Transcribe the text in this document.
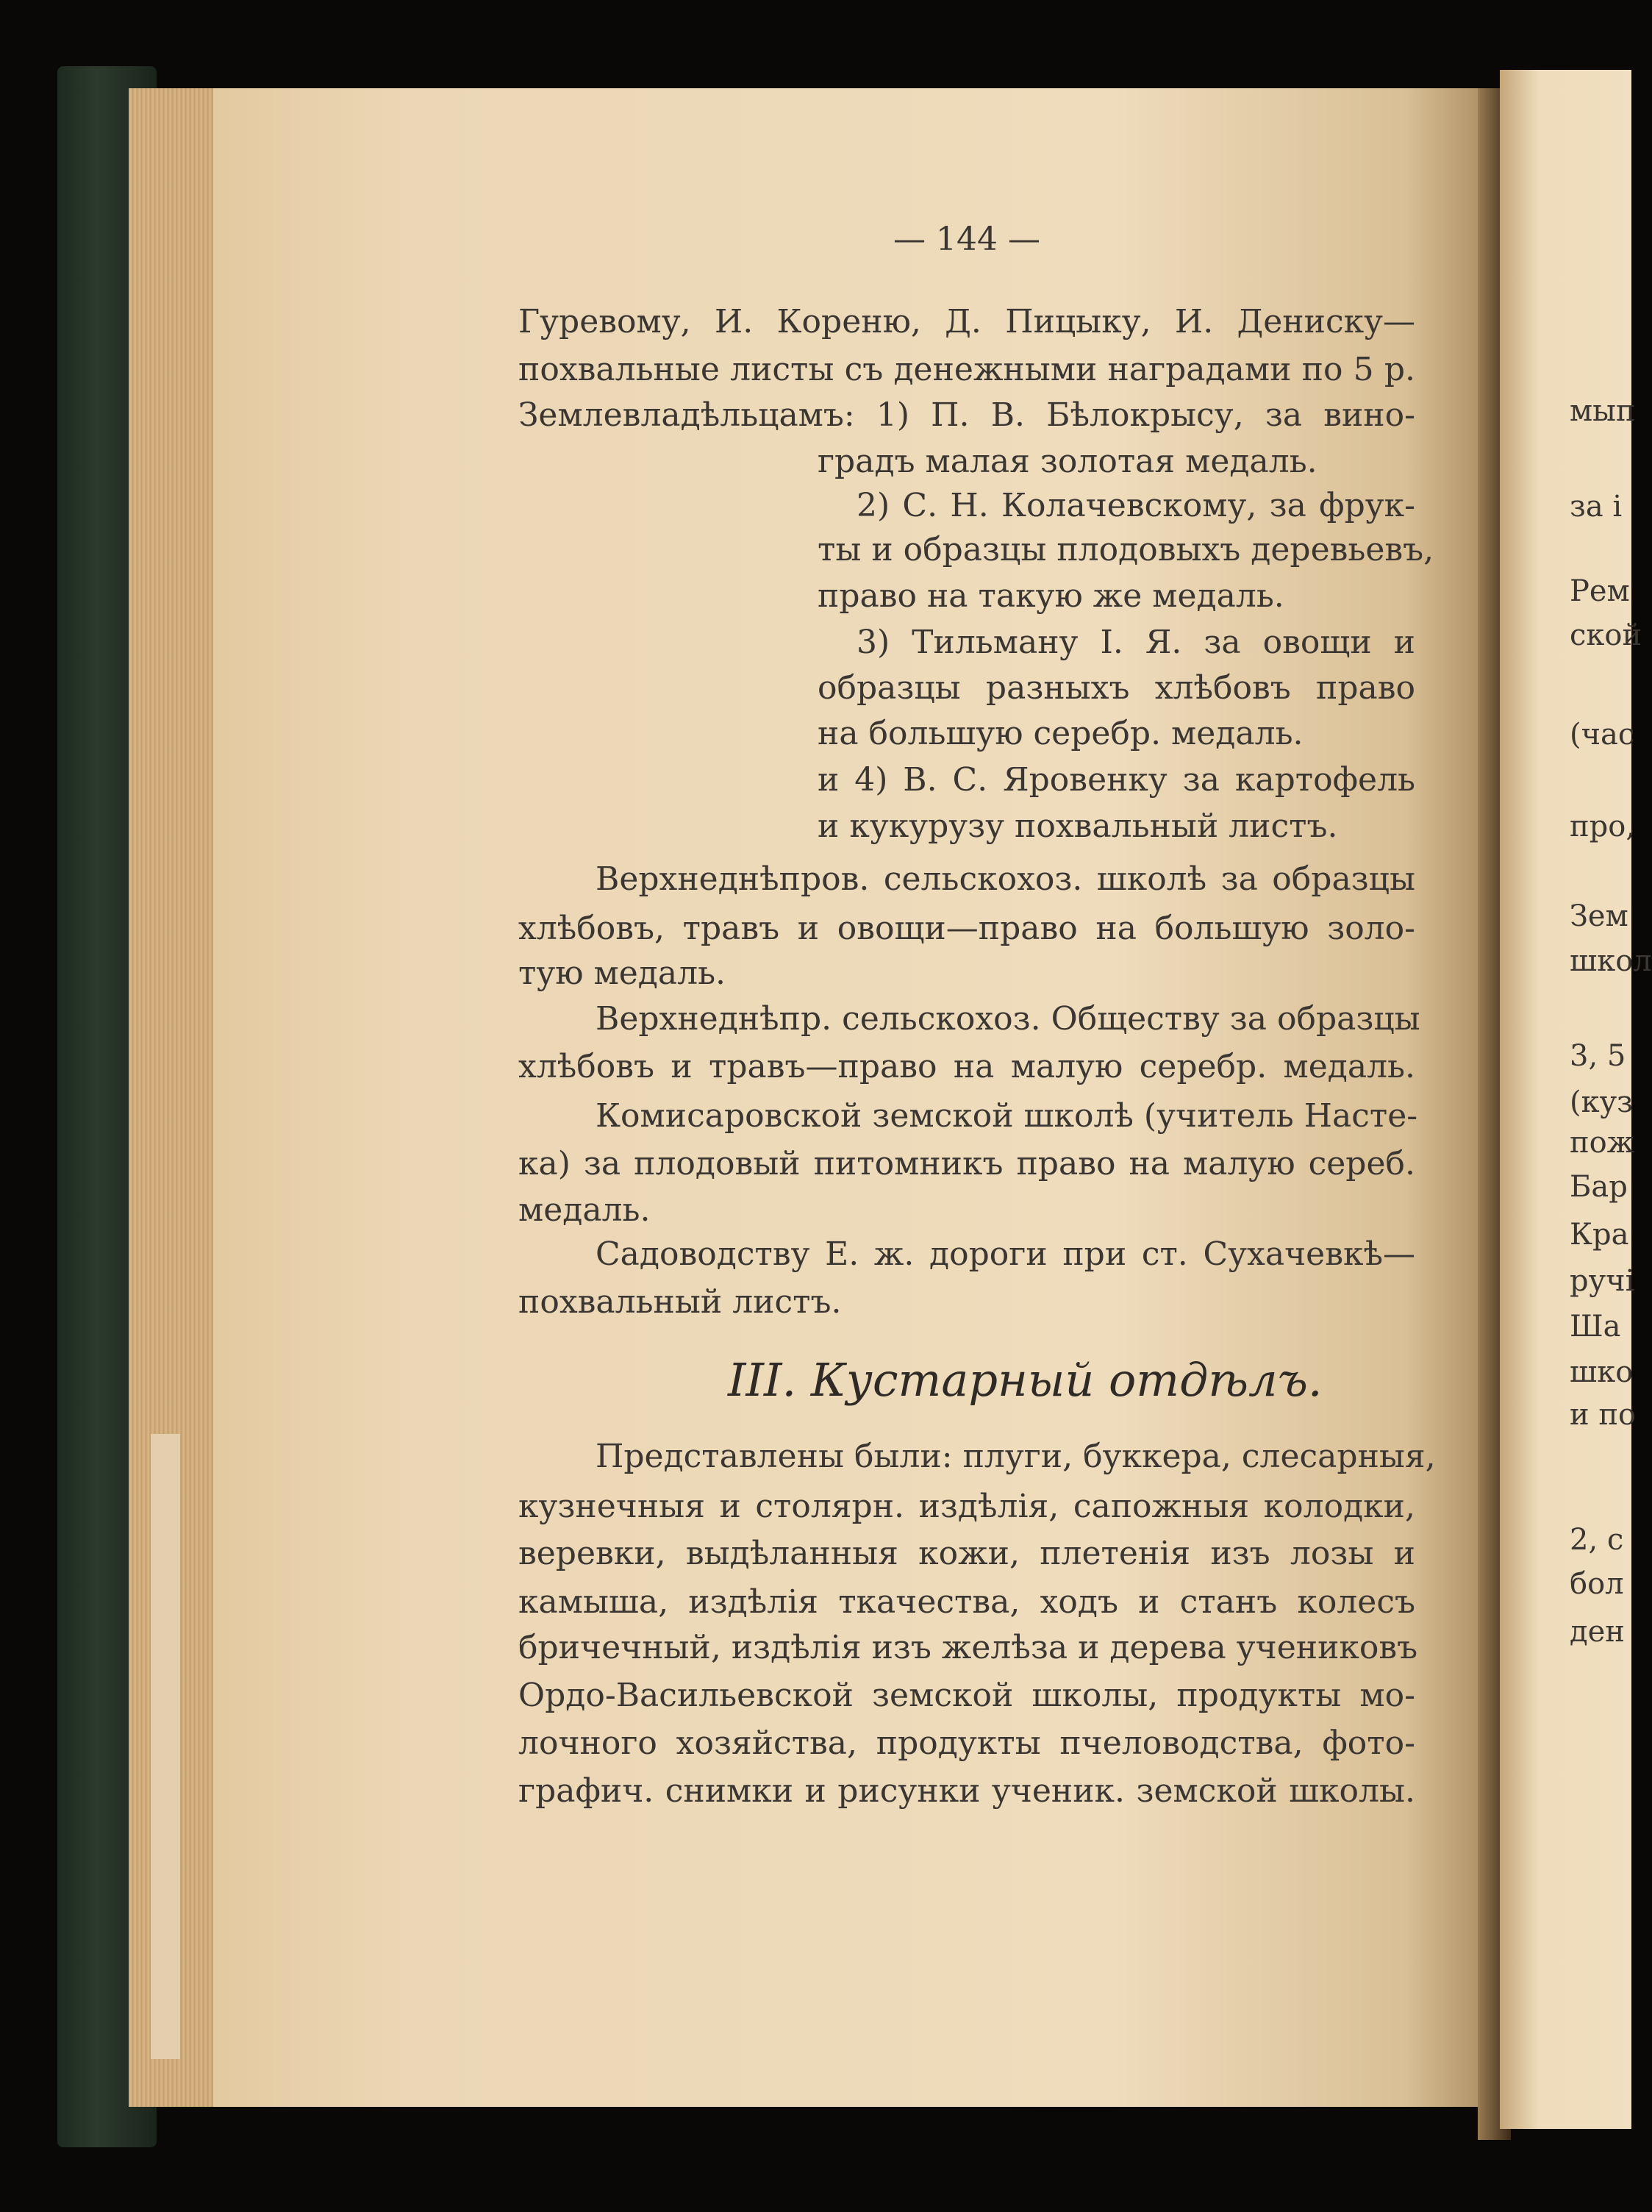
— 144 —
Гуревому, И. Кореню, Д. Пицыку, И. Дениску—
похвальные листы съ денежными наградами по 5 р.
Землевладѣльцамъ: 1) П. В. Бѣлокрысу, за вино-
градъ малая золотая медаль.
2) С. Н. Колачевскому, за фрук-
ты и образцы плодовыхъ деревьевъ,
право на такую же медаль.
3) Тильману I. Я. за овощи и
образцы разныхъ хлѣбовъ право
на большую серебр. медаль.
и 4) В. С. Яровенку за картофель
и кукурузу похвальный листъ.
Верхнеднѣпров. сельскохоз. школѣ за образцы
хлѣбовъ, травъ и овощи—право на большую золо-
тую медаль.
Верхнеднѣпр. сельскохоз. Обществу за образцы
хлѣбовъ и травъ—право на малую серебр. медаль.
Комисаровской земской школѣ (учитель Насте-
ка) за плодовый питомникъ право на малую сереб.
медаль.
Садоводству Е. ж. дороги при ст. Сухачевкѣ—
похвальный листъ.
III. Кустарный отдѣлъ.
Представлены были: плуги, буккера, слесарныя,
кузнечныя и столярн. издѣлія, сапожныя колодки,
веревки, выдѣланныя кожи, плетенія изъ лозы и
камыша, издѣлія ткачества, ходъ и станъ колесъ
бричечный, издѣлія изъ желѣза и дерева учениковъ
Ордо-Васильевской земской школы, продукты мо-
лочного хозяйства, продукты пчеловодства, фото-
графич. снимки и рисунки ученик. земской школы.
мып
за і
Рем
ской
(час
про,
Зем
школ
3, 5
(куз
пож
Бар
Кра
ручі
Ша
шко
и по
2, с
бол
ден
